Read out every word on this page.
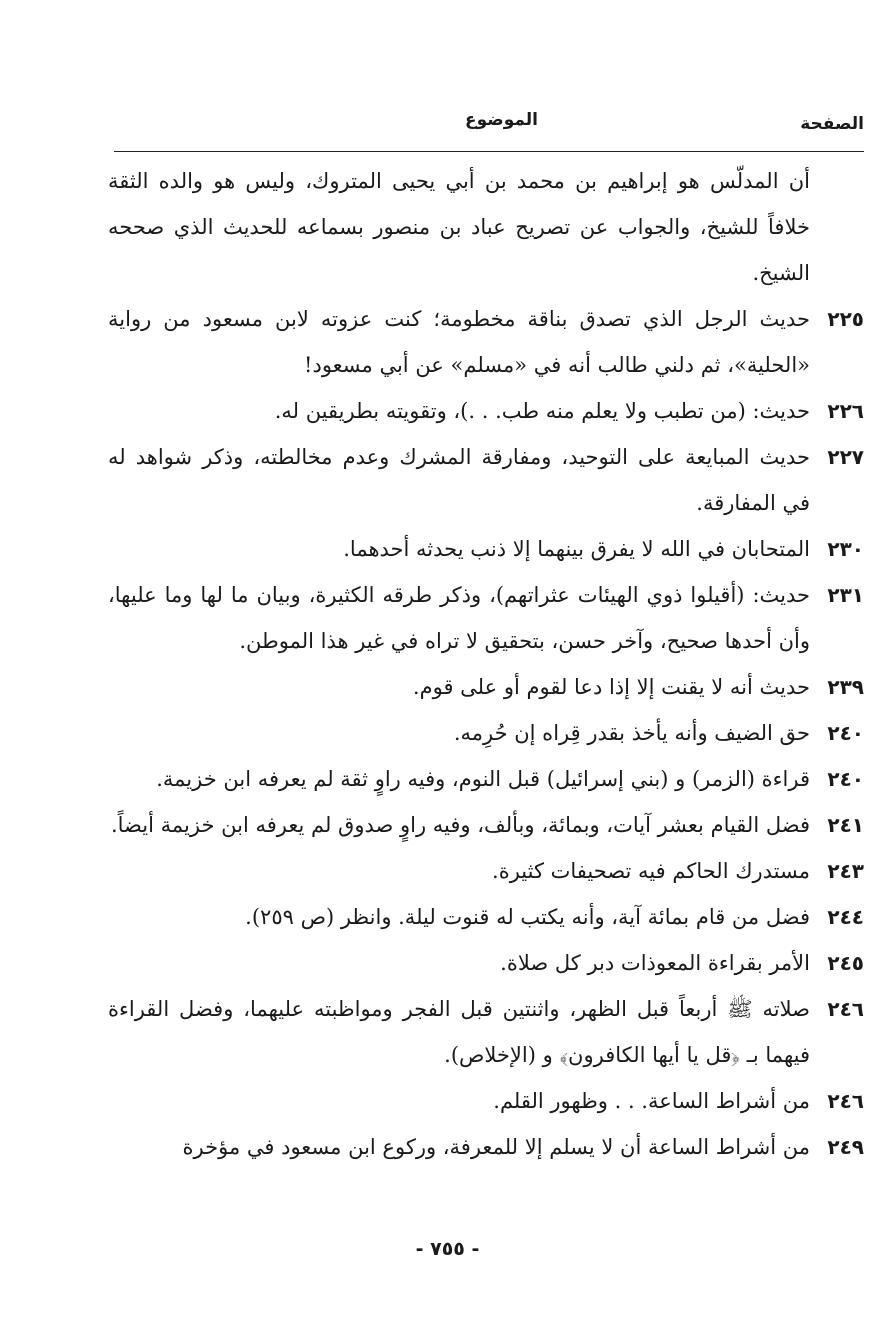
الصفحة
الموضوع
أن المدلّس هو إبراهيم بن محمد بن أبي يحيى المتروك، وليس هو والده الثقة خلافاً للشيخ، والجواب عن تصريح عباد بن منصور بسماعه للحديث الذي صححه الشيخ.
٢٢٥
حديث الرجل الذي تصدق بناقة مخطومة؛ كنت عزوته لابن مسعود من رواية «الحلية»، ثم دلني طالب أنه في «مسلم» عن أبي مسعود!
٢٢٦
حديث: (من تطبب ولا يعلم منه طب. . .)، وتقويته بطريقين له.
٢٢٧
حديث المبايعة على التوحيد، ومفارقة المشرك وعدم مخالطته، وذكر شواهد له في المفارقة.
٢٣٠
المتحابان في الله لا يفرق بينهما إلا ذنب يحدثه أحدهما.
٢٣١
حديث: (أقيلوا ذوي الهيئات عثراتهم)، وذكر طرقه الكثيرة، وبيان ما لها وما عليها، وأن أحدها صحيح، وآخر حسن، بتحقيق لا تراه في غير هذا الموطن.
٢٣٩
حديث أنه لا يقنت إلا إذا دعا لقوم أو على قوم.
٢٤٠
حق الضيف وأنه يأخذ بقدر قِراه إن حُرِمه.
٢٤٠
قراءة (الزمر) و (بني إسرائيل) قبل النوم، وفيه راوٍ ثقة لم يعرفه ابن خزيمة.
٢٤١
فضل القيام بعشر آيات، وبمائة، وبألف، وفيه راوٍ صدوق لم يعرفه ابن خزيمة أيضاً.
٢٤٣
مستدرك الحاكم فيه تصحيفات كثيرة.
٢٤٤
فضل من قام بمائة آية، وأنه يكتب له قنوت ليلة. وانظر (ص ٢٥٩).
٢٤٥
الأمر بقراءة المعوذات دبر كل صلاة.
٢٤٦
صلاته ﷺ أربعاً قبل الظهر، واثنتين قبل الفجر ومواظبته عليهما، وفضل القراءة فيهما بـ ﴿قل يا أيها الكافرون﴾ و (الإخلاص).
٢٤٦
من أشراط الساعة. . . وظهور القلم.
٢٤٩
من أشراط الساعة أن لا يسلم إلا للمعرفة، وركوع ابن مسعود في مؤخرة
- ٧٥٥ -
